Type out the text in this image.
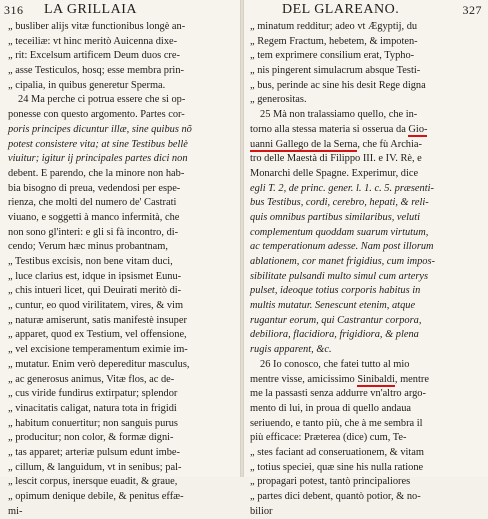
316 LA GRILLAIA
„ busliber alijs vitæ functionibus longè an-
„ teceiliæ: vt hinc meritò Auicenna dixe-
„ rit: Excelsum artificem Deum duos cre-
„ asse Testiculos, hosq; esse membra prin-
„ cipalia, in quibus generetur Sperma.
24 Ma perche ci potrua essere che si op-
ponesse con questo argomento. Partes cor-
poris principes dicuntur illæ, sine quibus nõ
potest consistere vita; at sine Testibus bellè
viuitur; igitur ij principales partes dici non
debent. E parendo, che la minore non hab-
bia bisogno di preua, vedendosi per espe-
rienza, che molti del numero de' Castrati
viuano, e soggetti à manco infermità, che
non sono gl'interi: e gli si fà incontro, di-
cendo; Verum hæc minus probantnam,
„ Testibus excisis, non bene vitam duci,
„ luce clarius est, idque in ipsismet Eunu-
„ chis intueri licet, qui Deuirati meritò di-
„ cuntur, eo quod virilitatem, vires, & vim
„ naturæ amiserunt, satis manifestè insuper
„ apparet, quod ex Testium, vel offensione,
„ vel excisione temperamentum eximie im-
„ mutatur. Enim verò depereditur masculus,
„ ac generosus animus, Vitæ flos, ac de-
„ cus viride fundirus extirpatur; splendor
„ vinacitatis caligat, natura tota in frigidi
„ habitum conuertitur; non sanguis purus
„ producitur; non color, & formæ digni-
„ tas apparet; arteriæ pulsum edunt imbe-
„ cillum, & languidum, vt in senibus; pal-
„ lescit corpus, inersque euadit, & graue,
„ opimum denique debile, & penitus effæ-
mi-
DEL GLAREANO.	327
„ minatum redditur; adeo vt Ægyptij, du
„ Regem Fractum, hebetem, & impoten-
„ tem exprimere consilium erat, Typho-
„ nis pingerent simulacrum absque Testi-
„ bus, perinde ac sine his desit Rege digna
„ generositas.
25 Mà non tralassiamo quello, che in-
torno alla stessa materia si osserua da Gio-
uanni Gallego de la Serna, che fù Archia-
tro delle Maestà di Filippo III. e IV. Rè, e
Monarchi delle Spagne. Experimur, dice
egli T. 2, de princ. gener. l. 1. c. 5. præsenti-
bus Testibus, cordi, cerebro, hepati, & reli-
quis omnibus partibus similaribus, veluti
complementum quoddam suarum virtutum,
ac temperationum adesse. Nam post illorum
ablationem, cor manet frigidius, cum impos-
sibilitate pulsandi multo simul cum arterys
pulset, ideoque totius corporis habitus in
multis mutatur. Senescunt etenim, atque
rugantur eorum, qui Castrantur corpora,
debiliora, flacidiora, frigidiora, & plena
rugis apparent, &c.
26 Io conosco, che fatei tutto al mio
mentre visse, amicissimo Sinibaldi, mentre
me la passasti senza addurre vn'altro argo-
mento di lui, in proua di quello andaua
seriuendo, e tanto più, che à me sembra il
più efficace: Præterea (dice) cum, Te-
„ stes faciant ad conseruationem, & vitam
„ totius speciei, quæ sine his nulla ratione
„ propagari potest, tantò principaliores
„ partes dici debent, quantò potior, & no-
bilior
